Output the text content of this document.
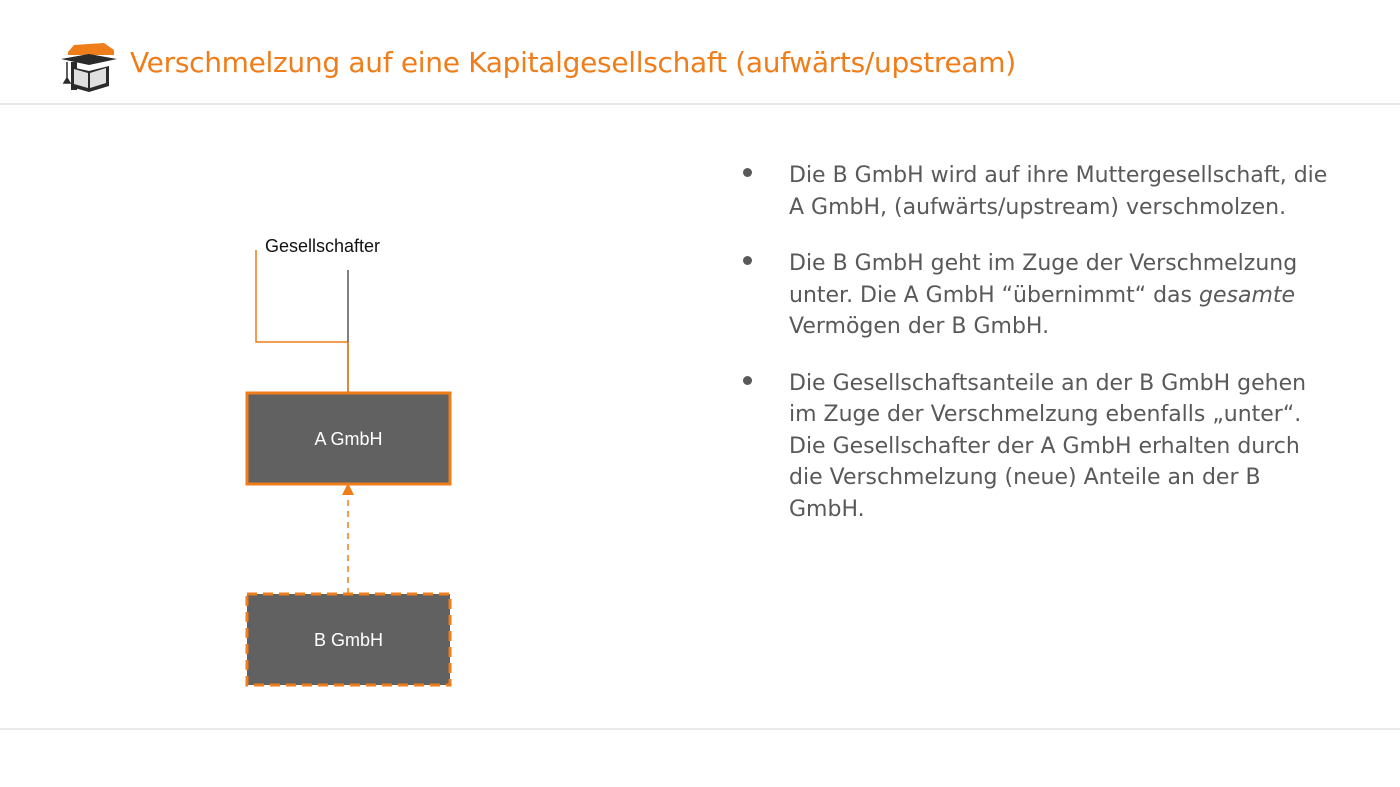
Verschmelzung auf eine Kapitalgesellschaft (aufwärts/upstream)
Gesellschafter
A GmbH
B GmbH
Die B GmbH wird auf ihre Muttergesellschaft, die A GmbH, (aufwärts/upstream) verschmolzen.
Die B GmbH geht im Zuge der Verschmelzung unter. Die A GmbH “übernimmt“ das gesamte Vermögen der B GmbH.
Die Gesellschaftsanteile an der B GmbH gehen im Zuge der Verschmelzung ebenfalls „unter“. Die Gesellschafter der A GmbH erhalten durch die Verschmelzung (neue) Anteile an der B GmbH.
